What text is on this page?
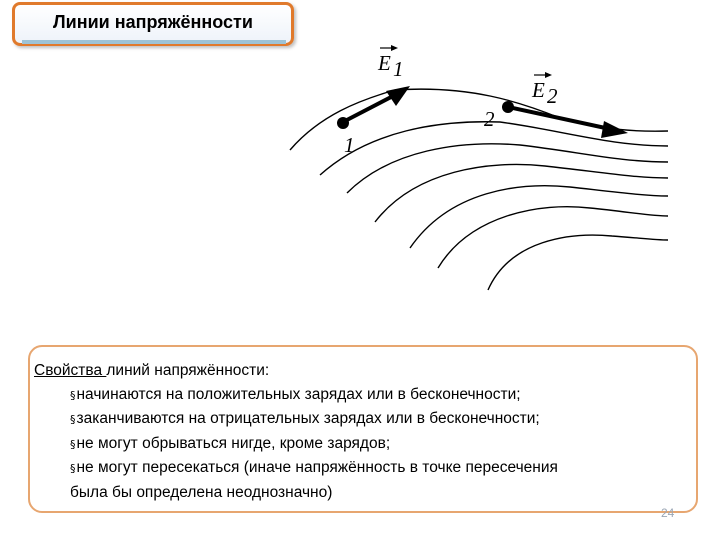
Линии напряжённости
1
2
E 1
E 2
Свойства линий напряжённости:
§начинаются на положительных зарядах или в бесконечности;
§заканчиваются на отрицательных зарядах или в бесконечности;
§не могут обрываться нигде, кроме зарядов;
§не могут пересекаться (иначе напряжённость в точке пересечения
была бы определена неоднозначно)
24
